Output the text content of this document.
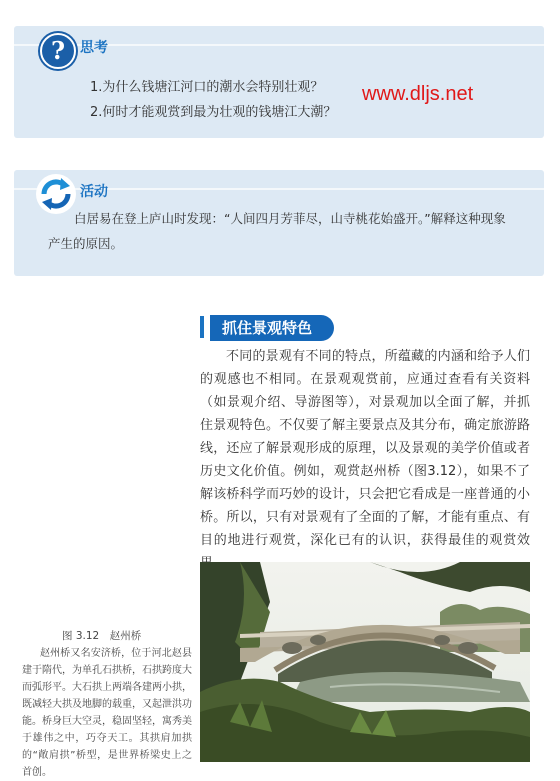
?	思考
1.为什么钱塘江河口的潮水会特别壮观？
2.何时才能观赏到最为壮观的钱塘江大潮？
www.dljs.net
活动
白居易在登上庐山时发现：“人间四月芳菲尽，山寺桃花始盛开。”解释这种现象产生的原因。
抓住景观特色
不同的景观有不同的特点，所蕴藏的内涵和给予人们的观感也不相同。在景观观赏前，应通过查看有关资料（如景观介绍、导游图等），对景观加以全面了解，并抓住景观特色。不仅要了解主要景点及其分布，确定旅游路线，还应了解景观形成的原理，以及景观的美学价值或者历史文化价值。例如，观赏赵州桥（图3.12），如果不了解该桥科学而巧妙的设计，只会把它看成是一座普通的小桥。所以，只有对景观有了全面的了解，才能有重点、有目的地进行观赏，深化已有的认识，获得最佳的观赏效
图 3.12　赵州桥
赵州桥又名安济桥，位于河北赵县建于隋代，为单孔石拱桥，石拱跨度大而弧形平。大石拱上两端各建两小拱，既减轻大拱及地脚的载重，又起泄洪功能。桥身巨大空灵，稳固坚轻，寓秀美于雄伟之中，巧夺天工。其拱肩加拱的“敞肩拱”桥型，是世界桥梁史上之首创。
